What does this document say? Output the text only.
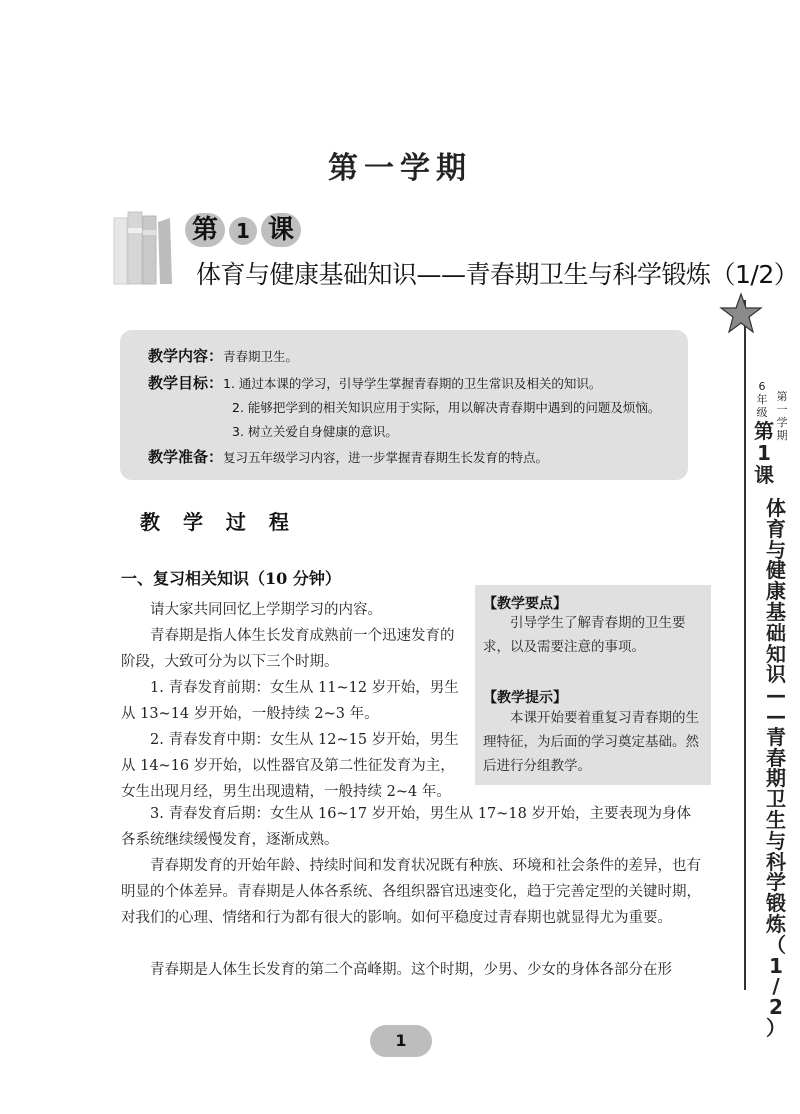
第一学期
第 1 课
体育与健康基础知识——青春期卫生与科学锻炼（1/2）
教学内容：青春期卫生。
教学目标：1. 通过本课的学习，引导学生掌握青春期的卫生常识及相关的知识。
2. 能够把学到的相关知识应用于实际，用以解决青春期中遇到的问题及烦恼。
3. 树立关爱自身健康的意识。
教学准备：复习五年级学习内容，进一步掌握青春期生长发育的特点。
教 学 过 程
一、复习相关知识（10 分钟）
【教学要点】
引导学生了解青春期的卫生要求，以及需要注意的事项。
【教学提示】
本课开始要着重复习青春期的生理特征，为后面的学习奠定基础。然后进行分组教学。

请大家共同回忆上学期学习的内容。

青春期是指人体生长发育成熟前一个迅速发育的阶段，大致可分为以下三个时期。

1. 青春发育前期：女生从 11~12 岁开始，男生从 13~14 岁开始，一般持续 2~3 年。

2. 青春发育中期：女生从 12~15 岁开始，男生从 14~16 岁开始，以性器官及第二性征发育为主，女生出现月经，男生出现遗精，一般持续 2~4 年。

3. 青春发育后期：女生从 16~17 岁开始，男生从 17~18 岁开始，主要表现为身体各系统继续缓慢发育，逐渐成熟。

青春期发育的开始年龄、持续时间和发育状况既有种族、环境和社会条件的差异，也有明显的个体差异。青春期是人体各系统、各组织器官迅速变化，趋于完善定型的关键时期，对我们的心理、情绪和行为都有很大的影响。如何平稳度过青春期也就显得尤为重要。

青春期是人体生长发育的第二个高峰期。这个时期，少男、少女的身体各部分在形

1
6
年
级
第
一
学
期
第
1
课
体
育
与
健
康
基
础
知
识
—
—
青
春
期
卫
生
与
科
学
锻
炼
（
1
/
2
）
